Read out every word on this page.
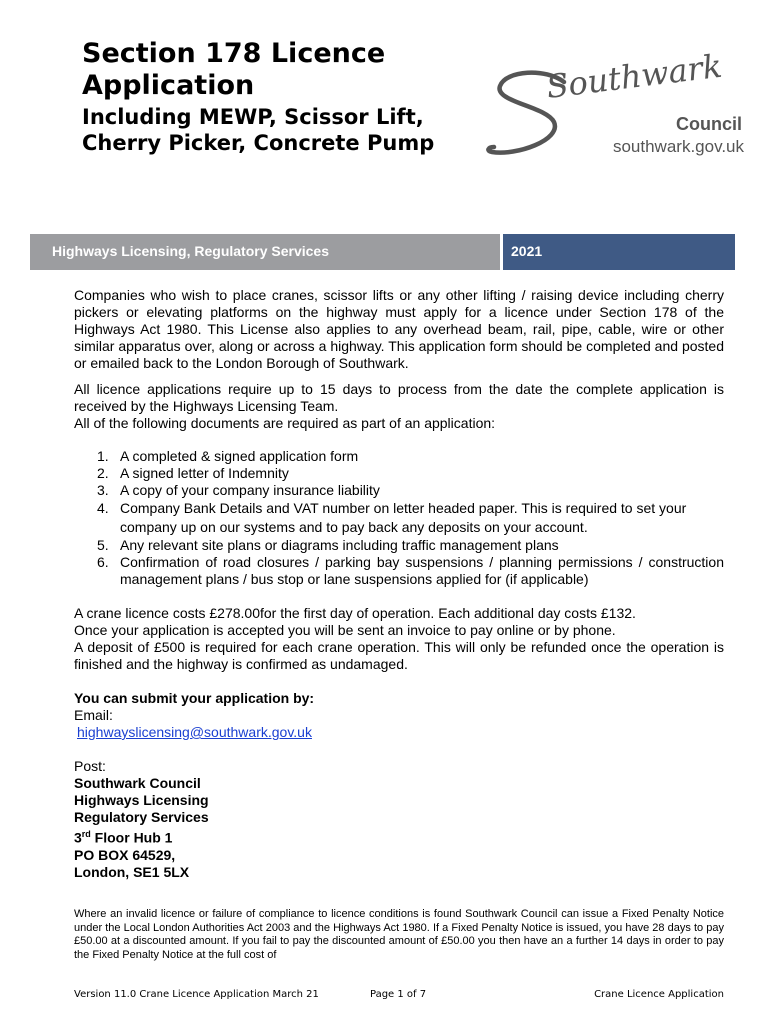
Section 178 Licence Application
Including MEWP, Scissor Lift, Cherry Picker, Concrete Pump
Southwark
Council
southwark.gov.uk
Highways Licensing, Regulatory Services	2021

Companies who wish to place cranes, scissor lifts or any other lifting / raising device including cherry pickers or elevating platforms on the highway must apply for a licence under Section 178 of the Highways Act 1980. This License also applies to any overhead beam, rail, pipe, cable, wire or other similar apparatus over, along or across a highway. This application form should be completed and posted or emailed back to the London Borough of Southwark.

All licence applications require up to 15 days to process from the date the complete application is received by the Highways Licensing Team.

All of the following documents are required as part of an application:

1. A completed & signed application form
2. A signed letter of Indemnity
3. A copy of your company insurance liability
4. Company Bank Details and VAT number on letter headed paper. This is required to set your company up on our systems and to pay back any deposits on your account.
5. Any relevant site plans or diagrams including traffic management plans
6. Confirmation of road closures / parking bay suspensions / planning permissions / construction management plans / bus stop or lane suspensions applied for (if applicable)
A crane licence costs £278.00for the first day of operation. Each additional day costs £132.
Once your application is accepted you will be sent an invoice to pay online or by phone.
A deposit of £500 is required for each crane operation. This will only be refunded once the operation is finished and the highway is confirmed as undamaged.
You can submit your application by:
Email:
highwayslicensing@southwark.gov.uk
Post:
Southwark Council
Highways Licensing
Regulatory Services
3rd Floor Hub 1
PO BOX 64529,
London, SE1 5LX
Where an invalid licence or failure of compliance to licence conditions is found Southwark Council can issue a Fixed Penalty Notice under the Local London Authorities Act 2003 and the Highways Act 1980. If a Fixed Penalty Notice is issued, you have 28 days to pay £50.00 at a discounted amount. If you fail to pay the discounted amount of £50.00 you then have an a further 14 days in order to pay the Fixed Penalty Notice at the full cost of
Version 11.0 Crane Licence Application March 21	Page 1 of 7	Crane Licence Application
